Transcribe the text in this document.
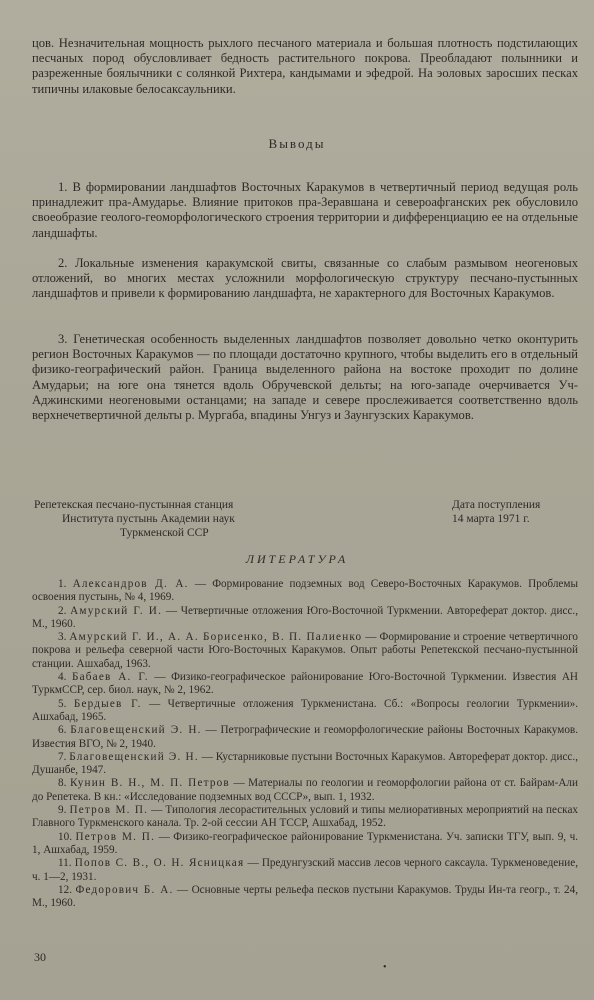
цов. Незначительная мощность рыхлого песчаного материала и большая плотность подстилающих песчаных пород обусловливает бедность растительного покрова. Преобладают полынники и разреженные боялычники с солянкой Рихтера, кандымами и эфедрой. На эоловых заросших песках типичны илаковые белосаксаульники.

Выводы

1. В формировании ландшафтов Восточных Каракумов в четвертичный период ведущая роль принадлежит пра-Амударье. Влияние притоков пра-Зеравшана и североафганских рек обусловило своеобразие геолого-геоморфологического строения территории и дифференциацию ее на отдельные ландшафты.

2. Локальные изменения каракумской свиты, связанные со слабым размывом неогеновых отложений, во многих местах усложнили морфологическую структуру песчано-пустынных ландшафтов и привели к формированию ландшафта, не характерного для Восточных Каракумов.

3. Генетическая особенность выделенных ландшафтов позволяет довольно четко оконтурить регион Восточных Каракумов — по площади достаточно крупного, чтобы выделить его в отдельный физико-географический район. Граница выделенного района на востоке проходит по долине Амударьи; на юге она тянется вдоль Обручевской дельты; на юго-западе очерчивается Уч-Аджинскими неогеновыми останцами; на западе и севере прослеживается соответственно вдоль верхнечетвертичной дельты р. Мургаба, впадины Унгуз и Заунгузских Каракумов.

Репетекская песчано-пустынная станция

Института пустынь Академии наук

Туркменской ССР

Дата поступления

14 марта 1971 г.

ЛИТЕРАТУРА

1. Александров Д. А. — Формирование подземных вод Северо-Восточных Каракумов. Проблемы освоения пустынь, № 4, 1969.

2. Амурский Г. И. — Четвертичные отложения Юго-Восточной Туркмении. Автореферат доктор. дисс., М., 1960.

3. Амурский Г. И., А. А. Борисенко, В. П. Палиенко — Формирование и строение четвертичного покрова и рельефа северной части Юго-Восточных Каракумов. Опыт работы Репетекской песчано-пустынной станции. Ашхабад, 1963.

4. Бабаев А. Г. — Физико-географическое районирование Юго-Восточной Туркмении. Известия АН ТуркмССР, сер. биол. наук, № 2, 1962.

5. Бердыев Г. — Четвертичные отложения Туркменистана. Сб.: «Вопросы геологии Туркмении». Ашхабад, 1965.

6. Благовещенский Э. Н. — Петрографические и геоморфологические районы Восточных Каракумов. Известия ВГО, № 2, 1940.

7. Благовещенский Э. Н. — Кустарниковые пустыни Восточных Каракумов. Автореферат доктор. дисс., Душанбе, 1947.

8. Кунин В. Н., М. П. Петров — Материалы по геологии и геоморфологии района от ст. Байрам-Али до Репетека. В кн.: «Исследование подземных вод СССР», вып. 1, 1932.

9. Петров М. П. — Типология лесорастительных условий и типы мелиоративных мероприятий на песках Главного Туркменского канала. Тр. 2-ой сессии АН ТССР, Ашхабад, 1952.

10. Петров М. П. — Физико-географическое районирование Туркменистана. Уч. записки ТГУ, вып. 9, ч. 1, Ашхабад, 1959.

11. Попов С. В., О. Н. Ясницкая — Предунгузский массив лесов черного саксаула. Туркменоведение, ч. 1—2, 1931.

12. Федорович Б. А. — Основные черты рельефа песков пустыни Каракумов. Труды Ин-та геогр., т. 24, М., 1960.

30

•
